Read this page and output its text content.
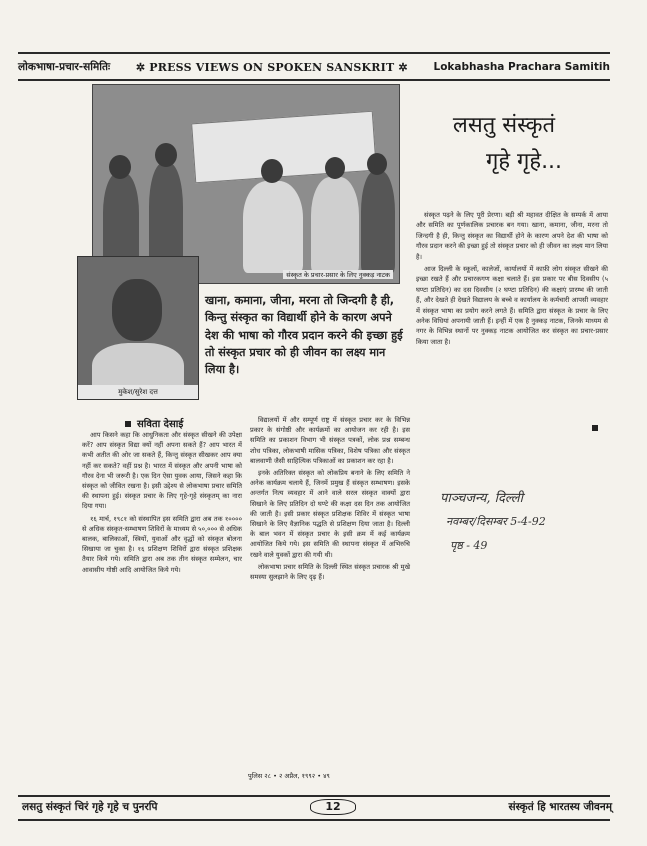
लोकभाषा-प्रचार-समितिः ✲ PRESS VIEWS ON SPOKEN SANSKRIT ✲ Lokabhasha Prachara Samitih
संस्कृत के प्रचार-प्रसार के लिए नुक्कड़ नाटक
मुकेश/सुरेश दत्त
खाना, कमाना, जीना, मरना तो जिन्दगी है ही, किन्तु संस्कृत का विद्यार्थी होने के कारण अपने देश की भाषा को गौरव प्रदान करने की इच्छा हुई तो संस्कृत प्रचार को ही जीवन का लक्ष्य मान लिया है।
लसतु संस्कृतं
गृहे गृहे...

संस्कृत पढ़ने के लिए पूरी प्रेरणा। बड़ी श्री महावत दीक्षित के सम्पर्क में आया और समिति का पूर्णकालिक प्रचारक बन गया। खाना, कमाना, जीना, मरना तो जिन्दगी है ही, किन्तु संस्कृत का विद्यार्थी होने के कारण अपने देश की भाषा को गौरव प्रदान करने की इच्छा हुई तो संस्कृत प्रचार को ही जीवन का लक्ष्य मान लिया है।

आज दिल्ली के स्कूलों, कालेजों, कार्यालयों में काफ़ी लोग संस्कृत सीखने की इच्छा रखते हैं और प्रचारकगण कक्षा चलाते हैं। इस प्रकार पर बीस दिवसीय (५ घण्टा प्रतिदिन) का दस दिवसीय (२ घण्टा प्रतिदिन) की कक्षाएं प्रारम्भ की जाती हैं, और देखते ही देखते विद्यालय के बच्चे व कार्यालय के कर्मचारी आपसी व्यवहार में संस्कृत भाषा का प्रयोग करने लगते हैं। समिति द्वारा संस्कृत के प्रचार के लिए अनेक विधियां अपनायी जाती हैं। इन्हीं में एक है नुक्कड़ नाटक, जिनके माध्यम से नगर के विभिन्न स्थानों पर नुक्कड़ नाटक आयोजित कर संस्कृत का प्रचार-प्रसार किया जाता है।

सविता देसाई

आप किसने कहा कि आधुनिकता और संस्कृत सीखने की उपेक्षा करें? आप संस्कृत विद्या क्यों नहीं अपना सकते हैं? आप भारत में कभी अतीत की ओर जा सकते हैं, किन्तु संस्कृत सीखकर आप क्या नहीं कर सकते? वहीं प्रश्न है। भारत में संस्कृत और अपनी भाषा को गौरव देना भी जरूरी है। एक दिन ऐसा युवक आया, जिसने कहा कि संस्कृत को जीवित रखना है। इसी उद्देश्य से लोकभाषा प्रचार समिति की स्थापना हुई। संस्कृत प्रचार के लिए गृहे-गृहे संस्कृतम् का नारा दिया गया।

१६ मार्च, १९८१ को संस्थापित इस समिति द्वारा अब तक १०००० से अधिक संस्कृत-सम्भाषण शिविरों के माध्यम से ५०,००० से अधिक बालक, बालिकाओं, स्त्रियों, युवाओं और वृद्धों को संस्कृत बोलना सिखाया जा चुका है। १६ प्रशिक्षण शिविरों द्वारा संस्कृत प्रशिक्षक तैयार किये गये। समिति द्वारा अब तक तीन संस्कृत सम्मेलन, चार आवासीय गोष्ठी आदि आयोजित किये गये।

विद्यालयों में और सम्पूर्ण राष्ट्र में संस्कृत प्रचार कर के विभिन्न प्रकार के संगोष्ठी और कार्यक्रमों का आयोजन कर रही है। इस समिति का प्रकाशन विभाग भी संस्कृत पत्रकों, लोक प्रश्न सम्बन्ध शोध पत्रिका, लोकभाषी मासिक पत्रिका, विशेष पत्रिका और संस्कृत बालवाणी जैसी साहित्यिक पत्रिकाओं का प्रकाशन कर रहा है।

इनके अतिरिक्त संस्कृत को लोकप्रिय बनाने के लिए समिति ने अनेक कार्यक्रम चलाये हैं, जिनमें प्रमुख हैं संस्कृत सम्भाषण। इसके अन्तर्गत नित्य व्यवहार में आने वाले सरल संस्कृत वाक्यों द्वारा सिखाने के लिए प्रतिदिन दो घण्टे की कक्षा दस दिन तक आयोजित की जाती है। इसी प्रकार संस्कृत प्रशिक्षक शिविर में संस्कृत भाषा सिखाने के लिए वैज्ञानिक पद्धति से प्रशिक्षण दिया जाता है। दिल्ली के बाल भवन में संस्कृत प्रचार के इसी क्रम में कई कार्यक्रम आयोजित किये गये। इस समिति की स्थापना संस्कृत में अभिरुचि रखने वाले युवकों द्वारा की गयी थी।

लोकभाषा प्रचार समिति के दिल्ली स्थित संस्कृत प्रचारक श्री मुखे समस्या सुलझाने के लिए दृढ़ हैं।

पुलिस २८ • २ अप्रैल, १९९२ • ४९
पाञ्चजन्य, दिल्ली
नवम्बर/दिसम्बर 5-4-92
पृष्ठ - 49
लसतु संस्कृतं चिरं गृहे गृहे च पुनरपि	12	संस्कृतं हि भारतस्य जीवनम्
